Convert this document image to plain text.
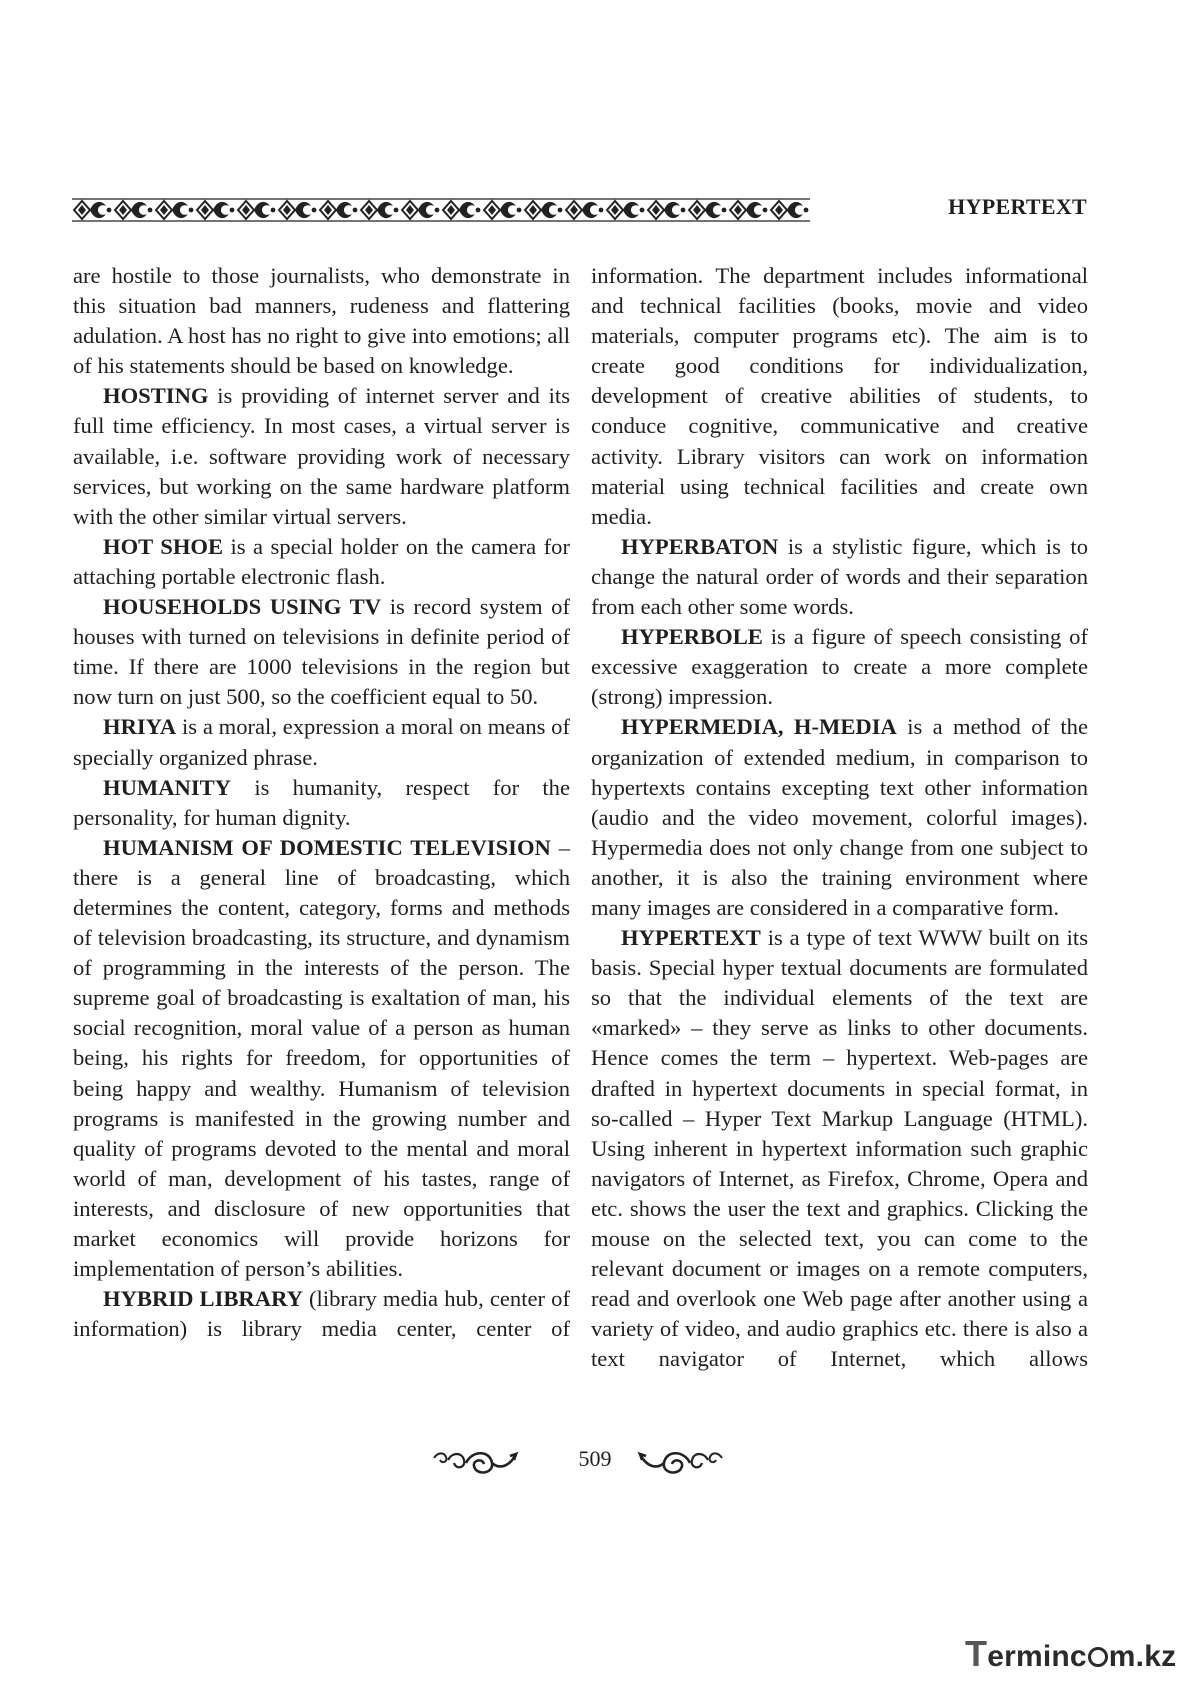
HYPERTEXT

are hostile to those journalists, who demonstrate in this situation bad manners, rudeness and flattering adulation. A host has no right to give into emotions; all of his statements should be based on knowledge.

HOSTING is providing of internet server and its full time efficiency. In most cases, a virtual server is available, i.e. software providing work of necessary services, but working on the same hardware platform with the other similar virtual servers.

HOT SHOE is a special holder on the camera for attaching portable electronic flash.

HOUSEHOLDS USING TV is record system of houses with turned on televisions in definite period of time. If there are 1000 televisions in the region but now turn on just 500, so the coefficient equal to 50.

HRIYA is a moral, expression a moral on means of specially organized phrase.

HUMANITY is humanity, respect for the personality, for human dignity.

HUMANISM OF DOMESTIC TELEVISION – there is a general line of broadcasting, which determines the content, category, forms and methods of television broadcasting, its structure, and dynamism of programming in the interests of the person. The supreme goal of broadcasting is exaltation of man, his social recognition, moral value of a person as human being, his rights for freedom, for opportunities of being happy and wealthy. Humanism of television programs is manifested in the growing number and quality of programs devoted to the mental and moral world of man, development of his tastes, range of interests, and disclosure of new opportunities that market economics will provide horizons for implementation of person’s abilities.

HYBRID LIBRARY (library media hub, center of information) is library media center, center of

information. The department includes informational and technical facilities (books, movie and video materials, computer programs etc). The aim is to create good conditions for individualization, development of creative abilities of students, to conduce cognitive, communicative and creative activity. Library visitors can work on information material using technical facilities and create own media.

HYPERBATON is a stylistic figure, which is to change the natural order of words and their separation from each other some words.

HYPERBOLE is a figure of speech consisting of excessive exaggeration to create a more complete (strong) impression.

HYPERMEDIA, H-MEDIA is a method of the organization of extended medium, in comparison to hypertexts contains excepting text other information (audio and the video movement, colorful images). Hypermedia does not only change from one subject to another, it is also the training environment where many images are considered in a comparative form.

HYPERTEXT is a type of text WWW built on its basis. Special hyper textual documents are formulated so that the individual elements of the text are «marked» – they serve as links to other documents. Hence comes the term – hypertext. Web-pages are drafted in hypertext documents in special format, in so-called – Hyper Text Markup Language (HTML). Using inherent in hypertext information such graphic navigators of Internet, as Firefox, Chrome, Opera and etc. shows the user the text and graphics. Clicking the mouse on the selected text, you can come to the relevant document or images on a remote computers, read and overlook one Web page after another using a variety of video, and audio graphics etc. there is also a text navigator of Internet, which allows

509
Terminc m.kz
